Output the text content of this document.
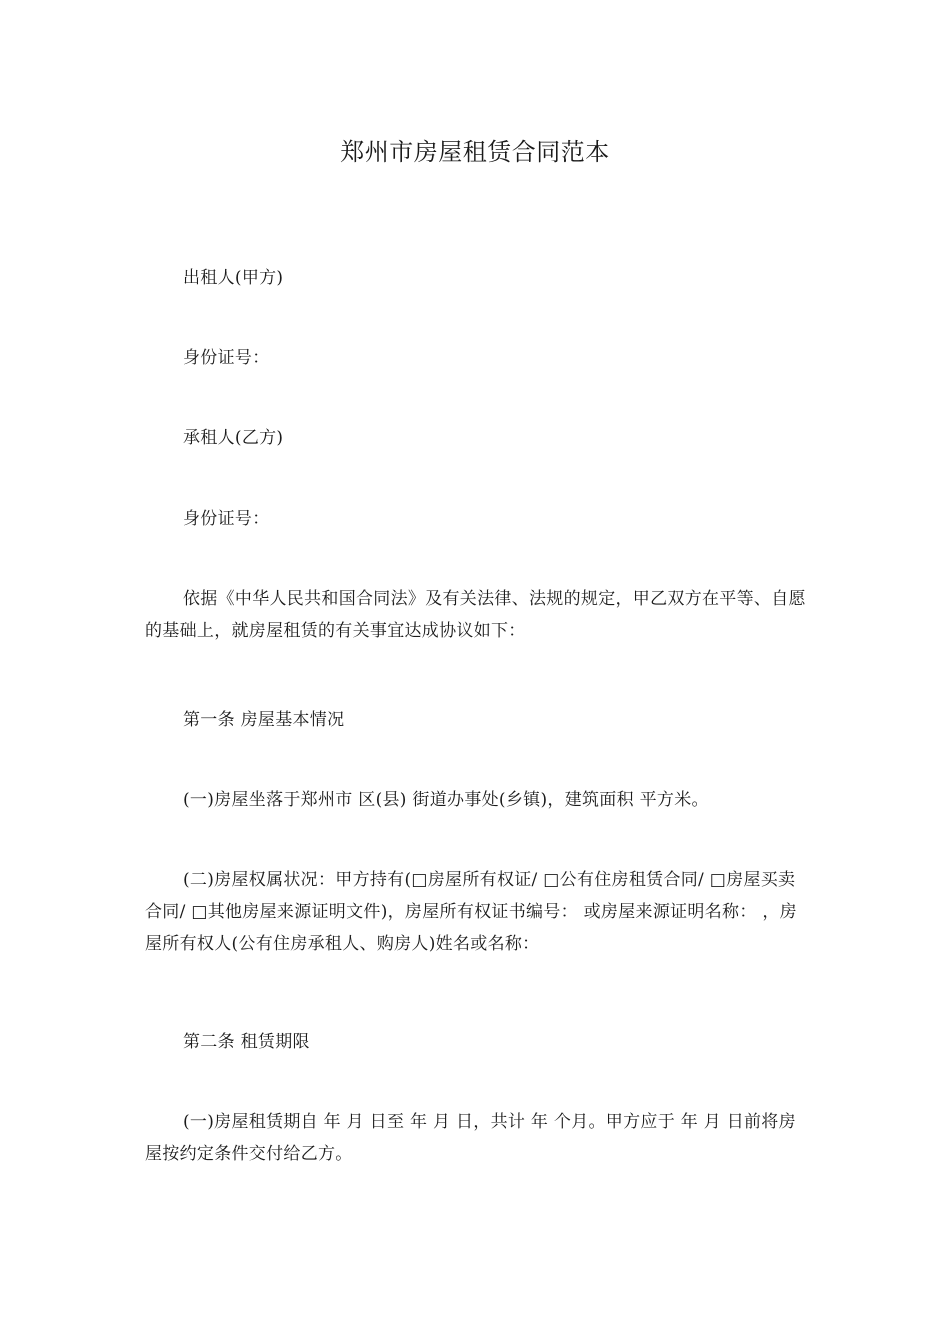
郑州市房屋租赁合同范本

出租人(甲方)

身份证号：

承租人(乙方)

身份证号：

依据《中华人民共和国合同法》及有关法律、法规的规定，甲乙双方在平等、自愿的基础上，就房屋租赁的有关事宜达成协议如下：

第一条 房屋基本情况

(一)房屋坐落于郑州市 区(县) 街道办事处(乡镇)，建筑面积 平方米。

(二)房屋权属状况：甲方持有(□房屋所有权证/ □公有住房租赁合同/ □房屋买卖合同/ □其他房屋来源证明文件)，房屋所有权证书编号： 或房屋来源证明名称： ，房屋所有权人(公有住房承租人、购房人)姓名或名称：

第二条 租赁期限

(一)房屋租赁期自 年 月 日至 年 月 日，共计 年 个月。甲方应于 年 月 日前将房屋按约定条件交付给乙方。
